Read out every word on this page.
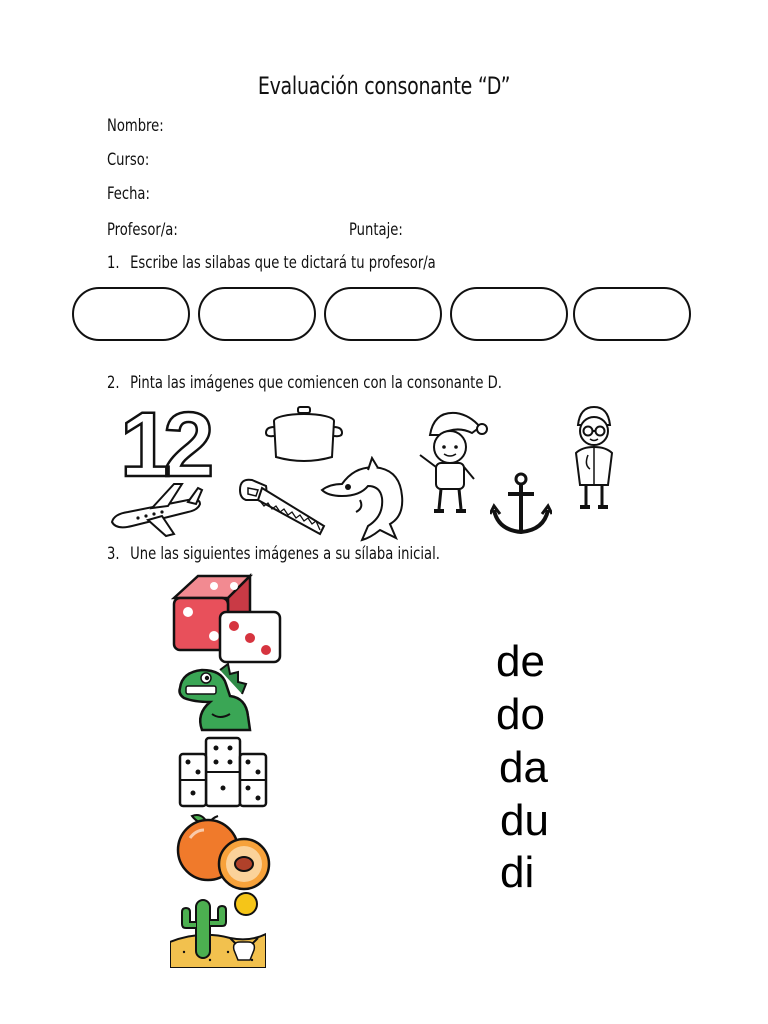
Evaluación consonante “D”
Nombre:
Curso:
Fecha:
Profesor/a:	Puntaje:
1. Escribe las silabas que te dictará tu profesor/a
2. Pinta las imágenes que comiencen con la consonante D.
12
3. Une las siguientes imágenes a su sílaba inicial.
de
do
da
du
di
